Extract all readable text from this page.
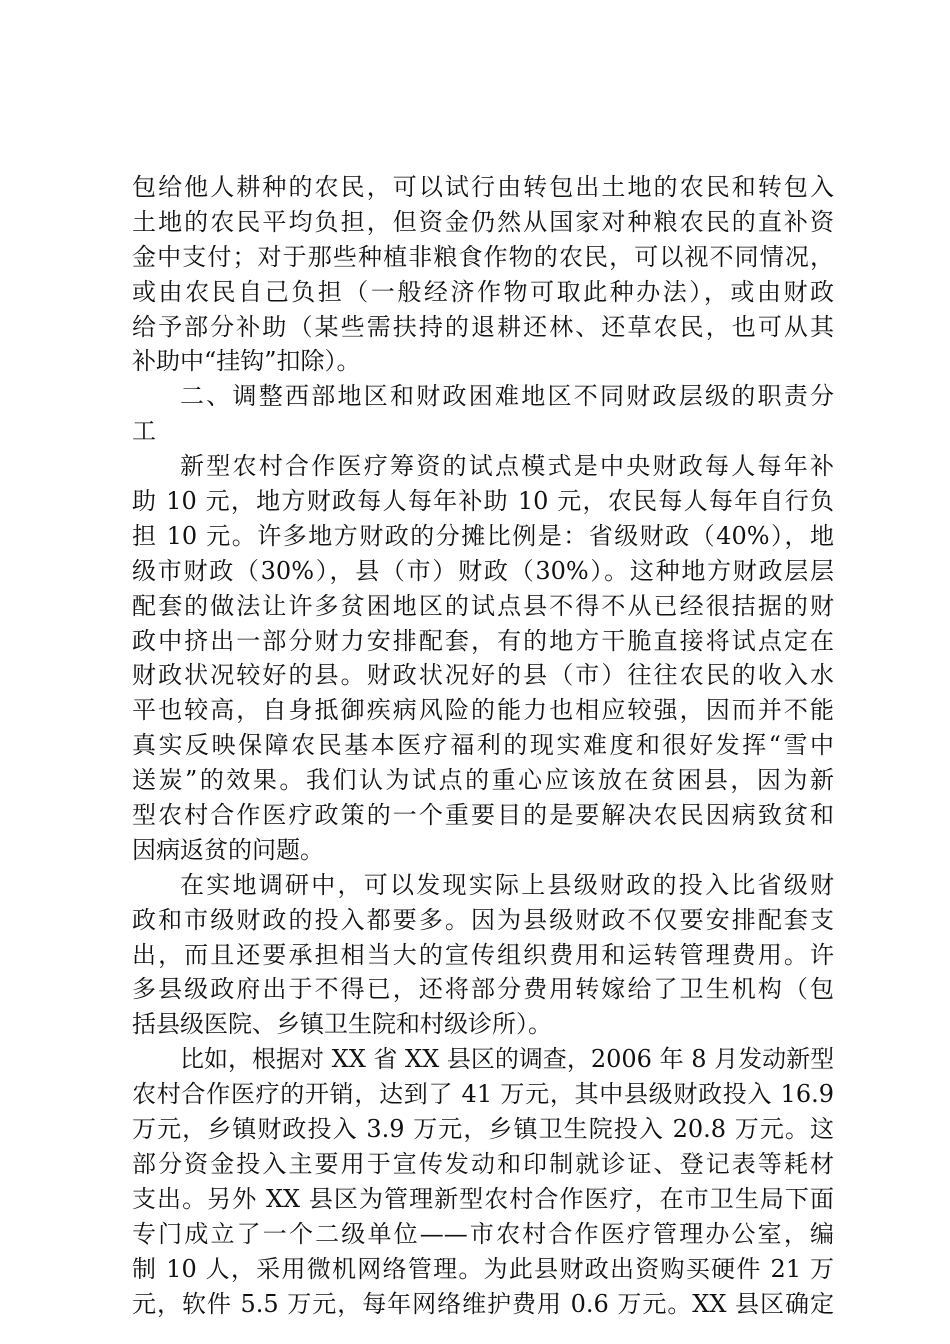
包给他人耕种的农民，可以试行由转包出土地的农民和转包入
土地的农民平均负担，但资金仍然从国家对种粮农民的直补资
金中支付；对于那些种植非粮食作物的农民，可以视不同情况，
或由农民自己负担（一般经济作物可取此种办法），或由财政
给予部分补助（某些需扶持的退耕还林、还草农民，也可从其
补助中“挂钩”扣除）。
二、调整西部地区和财政困难地区不同财政层级的职责分
工
新型农村合作医疗筹资的试点模式是中央财政每人每年补
助 10 元，地方财政每人每年补助 10 元，农民每人每年自行负
担 10 元。许多地方财政的分摊比例是：省级财政（40%），地
级市财政（30%），县（市）财政（30%）。这种地方财政层层
配套的做法让许多贫困地区的试点县不得不从已经很拮据的财
政中挤出一部分财力安排配套，有的地方干脆直接将试点定在
财政状况较好的县。财政状况好的县（市）往往农民的收入水
平也较高，自身抵御疾病风险的能力也相应较强，因而并不能
真实反映保障农民基本医疗福利的现实难度和很好发挥“雪中
送炭”的效果。我们认为试点的重心应该放在贫困县，因为新
型农村合作医疗政策的一个重要目的是要解决农民因病致贫和
因病返贫的问题。
在实地调研中，可以发现实际上县级财政的投入比省级财
政和市级财政的投入都要多。因为县级财政不仅要安排配套支
出，而且还要承担相当大的宣传组织费用和运转管理费用。许
多县级政府出于不得已，还将部分费用转嫁给了卫生机构（包
括县级医院、乡镇卫生院和村级诊所）。
比如，根据对 XX 省 XX 县区的调查，2006 年 8 月发动新型
农村合作医疗的开销，达到了 41 万元，其中县级财政投入 16.9
万元，乡镇财政投入 3.9 万元，乡镇卫生院投入 20.8 万元。这
部分资金投入主要用于宣传发动和印制就诊证、登记表等耗材
支出。另外 XX 县区为管理新型农村合作医疗，在市卫生局下面
专门成立了一个二级单位——市农村合作医疗管理办公室，编
制 10 人，采用微机网络管理。为此县财政出资购买硬件 21 万
元，软件 5.5 万元，每年网络维护费用 0.6 万元。XX 县区确定
